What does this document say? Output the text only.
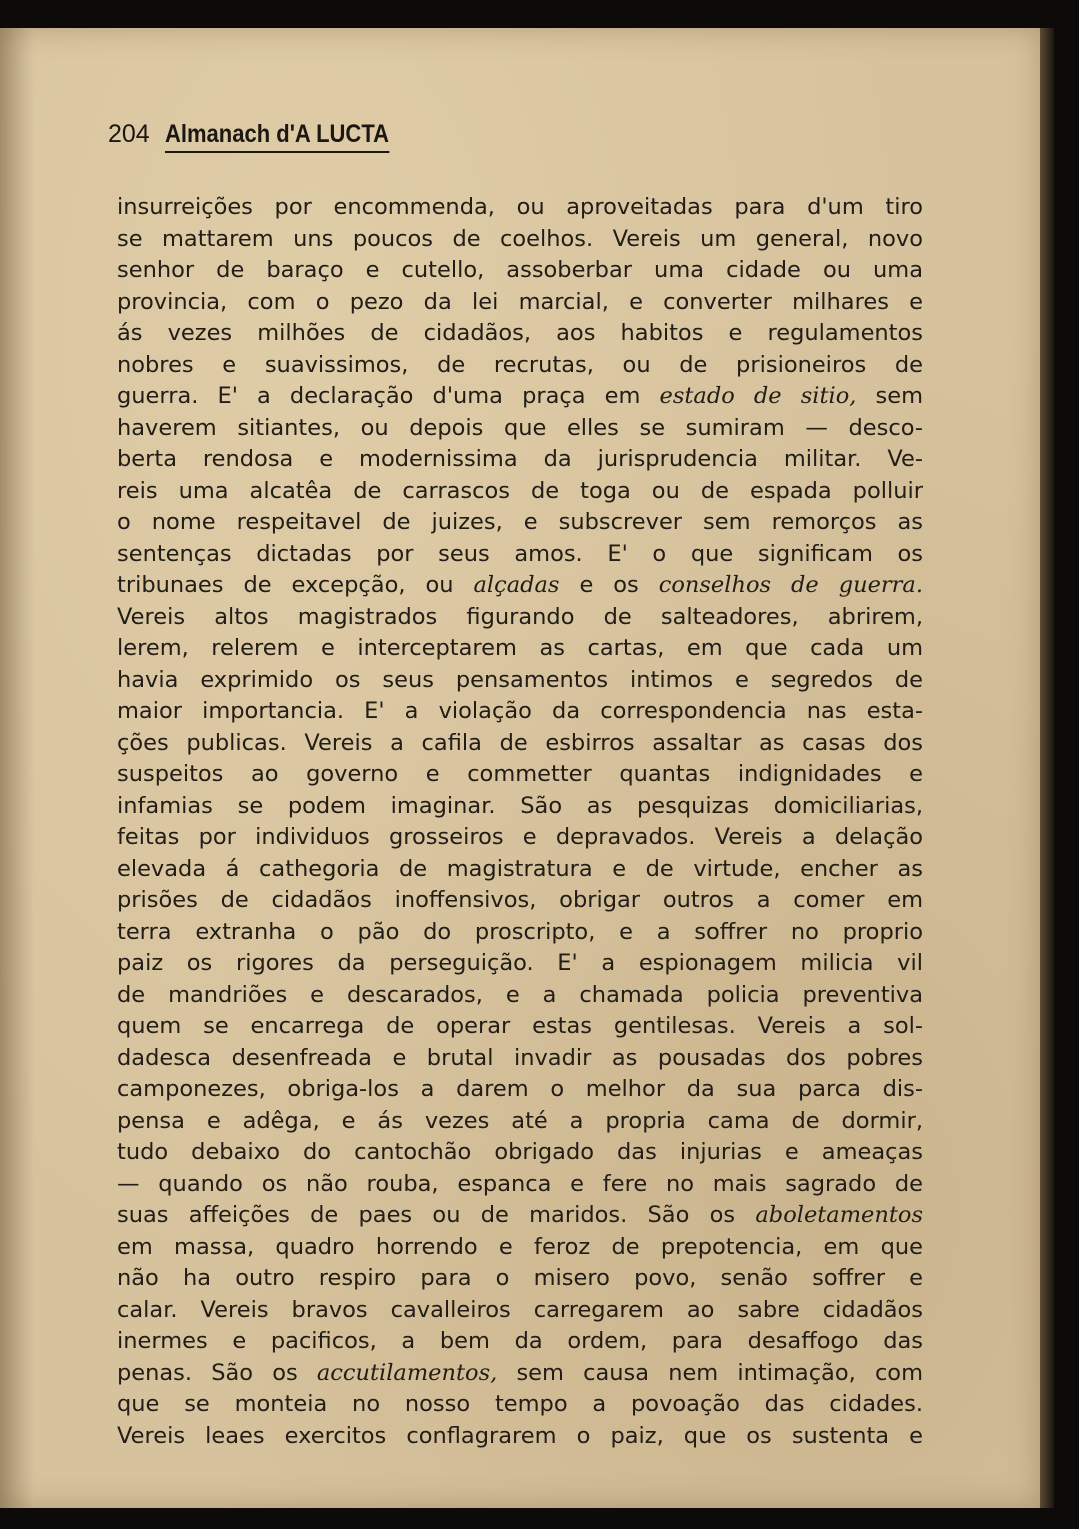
204 Almanach d'A LUCTA
insurreições por encommenda, ou aproveitadas para d'um tiro
se mattarem uns poucos de coelhos. Vereis um general, novo
senhor de baraço e cutello, assoberbar uma cidade ou uma
provincia, com o pezo da lei marcial, e converter milhares e
ás vezes milhões de cidadãos, aos habitos e regulamentos
nobres e suavissimos, de recrutas, ou de prisioneiros de
guerra. E' a declaração d'uma praça em estado de sitio, sem
haverem sitiantes, ou depois que elles se sumiram — desco-
berta rendosa e modernissima da jurisprudencia militar. Ve-
reis uma alcatêa de carrascos de toga ou de espada polluir
o nome respeitavel de juizes, e subscrever sem remorços as
sentenças dictadas por seus amos. E' o que significam os
tribunaes de excepção, ou alçadas e os conselhos de guerra.
Vereis altos magistrados figurando de salteadores, abrirem,
lerem, relerem e interceptarem as cartas, em que cada um
havia exprimido os seus pensamentos intimos e segredos de
maior importancia. E' a violação da correspondencia nas esta-
ções publicas. Vereis a cafila de esbirros assaltar as casas dos
suspeitos ao governo e commetter quantas indignidades e
infamias se podem imaginar. São as pesquizas domiciliarias,
feitas por individuos grosseiros e depravados. Vereis a delação
elevada á cathegoria de magistratura e de virtude, encher as
prisões de cidadãos inoffensivos, obrigar outros a comer em
terra extranha o pão do proscripto, e a soffrer no proprio
paiz os rigores da perseguição. E' a espionagem milicia vil
de mandriões e descarados, e a chamada policia preventiva
quem se encarrega de operar estas gentilesas. Vereis a sol-
dadesca desenfreada e brutal invadir as pousadas dos pobres
camponezes, obriga-los a darem o melhor da sua parca dis-
pensa e adêga, e ás vezes até a propria cama de dormir,
tudo debaixo do cantochão obrigado das injurias e ameaças
— quando os não rouba, espanca e fere no mais sagrado de
suas affeições de paes ou de maridos. São os aboletamentos
em massa, quadro horrendo e feroz de prepotencia, em que
não ha outro respiro para o misero povo, senão soffrer e
calar. Vereis bravos cavalleiros carregarem ao sabre cidadãos
inermes e pacificos, a bem da ordem, para desaffogo das
penas. São os accutilamentos, sem causa nem intimação, com
que se monteia no nosso tempo a povoação das cidades.
Vereis leaes exercitos conflagrarem o paiz, que os sustenta e
